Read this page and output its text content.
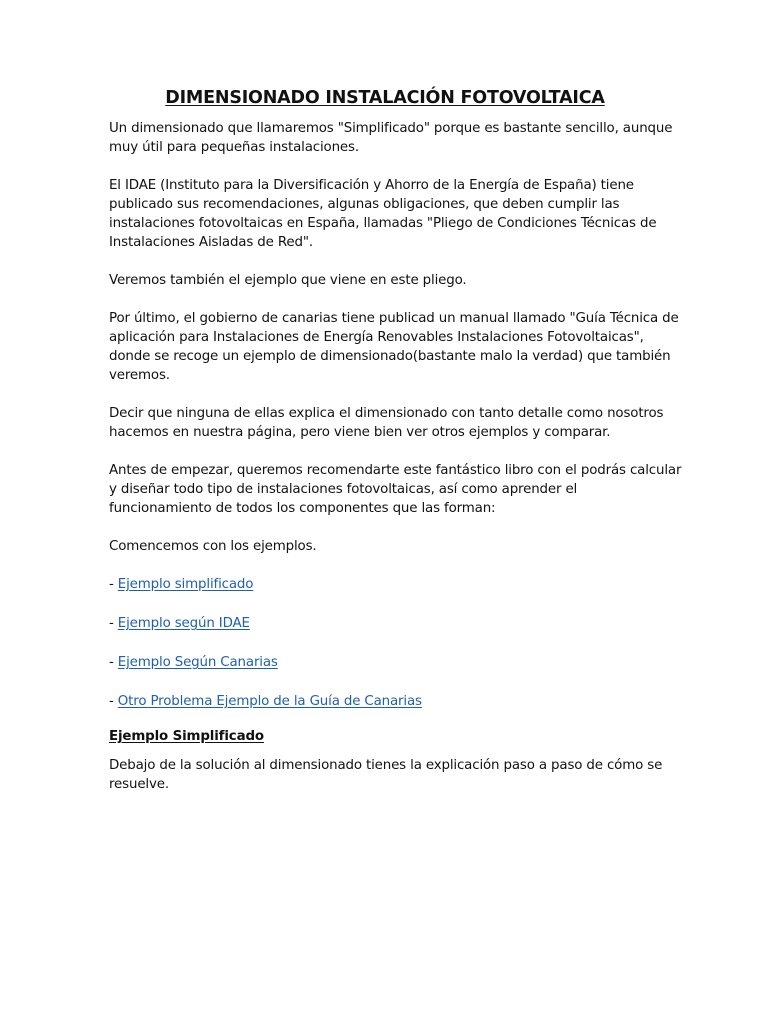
DIMENSIONADO INSTALACIÓN FOTOVOLTAICA

Un dimensionado que llamaremos "Simplificado" porque es bastante sencillo, aunque
muy útil para pequeñas instalaciones.

El IDAE (Instituto para la Diversificación y Ahorro de la Energía de España) tiene
publicado sus recomendaciones, algunas obligaciones, que deben cumplir las
instalaciones fotovoltaicas en España, llamadas "Pliego de Condiciones Técnicas de
Instalaciones Aisladas de Red".

Veremos también el ejemplo que viene en este pliego.

Por último, el gobierno de canarias tiene publicad un manual llamado "Guía Técnica de
aplicación para Instalaciones de Energía Renovables Instalaciones Fotovoltaicas",
donde se recoge un ejemplo de dimensionado(bastante malo la verdad) que también
veremos.

Decir que ninguna de ellas explica el dimensionado con tanto detalle como nosotros
hacemos en nuestra página, pero viene bien ver otros ejemplos y comparar.

Antes de empezar, queremos recomendarte este fantástico libro con el podrás calcular
y diseñar todo tipo de instalaciones fotovoltaicas, así como aprender el
funcionamiento de todos los componentes que las forman:

Comencemos con los ejemplos.

- Ejemplo simplificado
- Ejemplo según IDAE
- Ejemplo Según Canarias
- Otro Problema Ejemplo de la Guía de Canarias
Ejemplo Simplificado

Debajo de la solución al dimensionado tienes la explicación paso a paso de cómo se
resuelve.
